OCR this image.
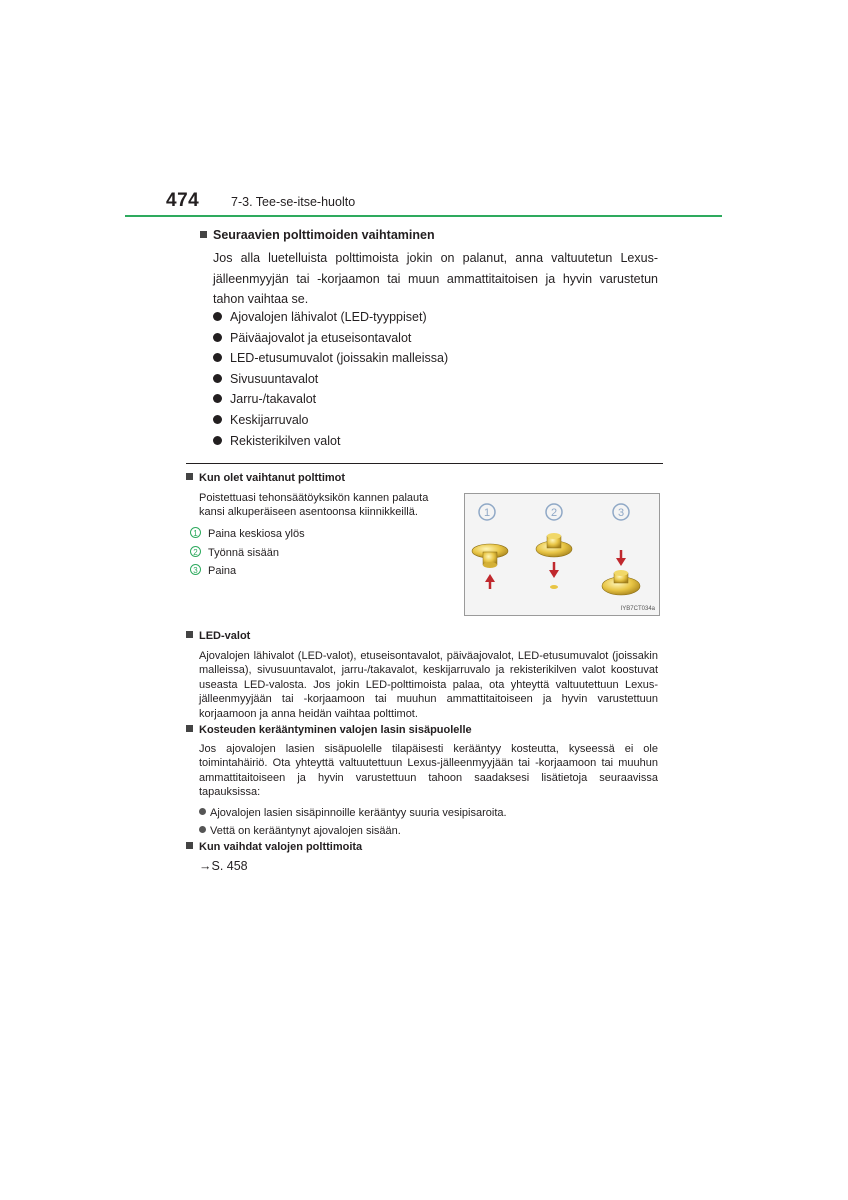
474	7-3. Tee-se-itse-huolto
Seuraavien polttimoiden vaihtaminen
Jos alla luetelluista polttimoista jokin on palanut, anna valtuutetun Lexus-jälleenmyyjän tai -korjaamon tai muun ammattitaitoisen ja hyvin varustetun tahon vaihtaa se.
Ajovalojen lähivalot (LED-tyyppiset)
Päiväajovalot ja etuseisontavalot
LED-etusumuvalot (joissakin malleissa)
Sivusuuntavalot
Jarru-/takavalot
Keskijarruvalo
Rekisterikilven valot
Kun olet vaihtanut polttimot
Poistettuasi tehonsäätöyksikön kannen palauta kansi alkuperäiseen asentoonsa kiinnikkeillä.
1 Paina keskiosa ylös
2 Työnnä sisään
3 Paina
1	2	3
IYB7CT034a
LED-valot
Ajovalojen lähivalot (LED-valot), etuseisontavalot, päiväajovalot, LED-etusumuvalot (joissakin malleissa), sivusuuntavalot, jarru-/takavalot, keskijarruvalo ja rekisterikilven valot koostuvat useasta LED-valosta. Jos jokin LED-polttimoista palaa, ota yhteyttä valtuutettuun Lexus-jälleenmyyjään tai -korjaamoon tai muuhun ammattitaitoiseen ja hyvin varustettuun korjaamoon ja anna heidän vaihtaa polttimot.
Kosteuden kerääntyminen valojen lasin sisäpuolelle
Jos ajovalojen lasien sisäpuolelle tilapäisesti kerääntyy kosteutta, kyseessä ei ole toimintahäiriö. Ota yhteyttä valtuutettuun Lexus-jälleenmyyjään tai -korjaamoon tai muuhun ammattitaitoiseen ja hyvin varustettuun tahoon saadaksesi lisätietoja seuraavissa tapauksissa:
Ajovalojen lasien sisäpinnoille kerääntyy suuria vesipisaroita.
Vettä on kerääntynyt ajovalojen sisään.
Kun vaihdat valojen polttimoita
→S. 458
